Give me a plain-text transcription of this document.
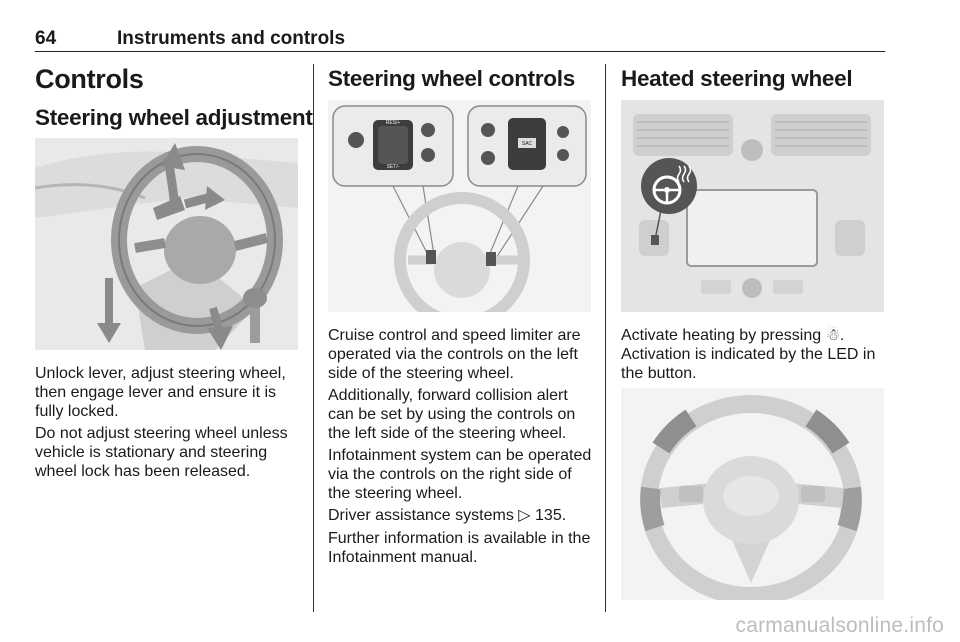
64	Instruments and controls
Controls
Steering wheel adjustment

Unlock lever, adjust steering wheel, then engage lever and ensure it is fully locked.

Do not adjust steering wheel unless vehicle is stationary and steering wheel lock has been released.

Steering wheel controls
RES/+
SET/-
SAC

Cruise control and speed limiter are operated via the controls on the left side of the steering wheel.

Additionally, forward collision alert can be set by using the controls on the left side of the steering wheel.

Infotainment system can be operated via the controls on the right side of the steering wheel.

Driver assistance systems ▷ 135.

Further information is available in the Infotainment manual.

Heated steering wheel

Activate heating by pressing ☃.

Activation is indicated by the LED in the button.

carmanualsonline.info
